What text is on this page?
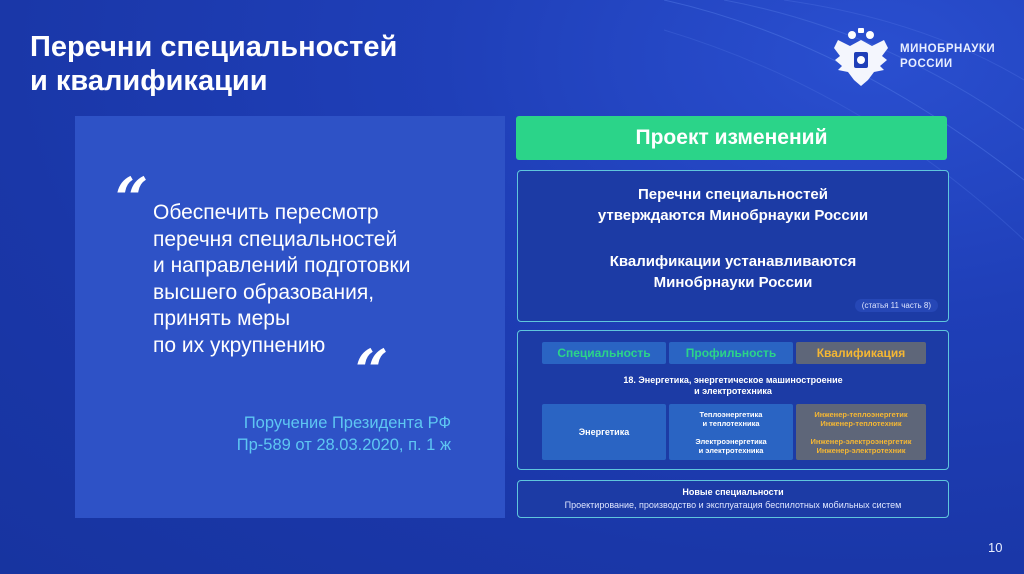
Перечни специальностей
и квалификации
МИНОБРНАУКИ
РОССИИ
“ Обеспечить пересмотр
перечня специальностей
и направлений подготовки
высшего образования,
принять меры
по их укрупнению “
Поручение Президента РФ
Пр-589 от 28.03.2020, п. 1 ж
Проект изменений
Перечни специальностей
утверждаются Минобрнауки России
Квалификации устанавливаются
Минобрнауки России
(статья 11 часть 8)
Специальность	Профильность	Квалификация
18. Энергетика, энергетическое машиностроение
и электротехника
Энергетика
Теплоэнергетика
и теплотехника
Электроэнергетика
и электротехника
Инженер-теплоэнергетик
Инженер-теплотехник
Инженер-электроэнергетик
Инженер-электротехник
Новые специальности
Проектирование, производство и эксплуатация беспилотных мобильных систем
10
